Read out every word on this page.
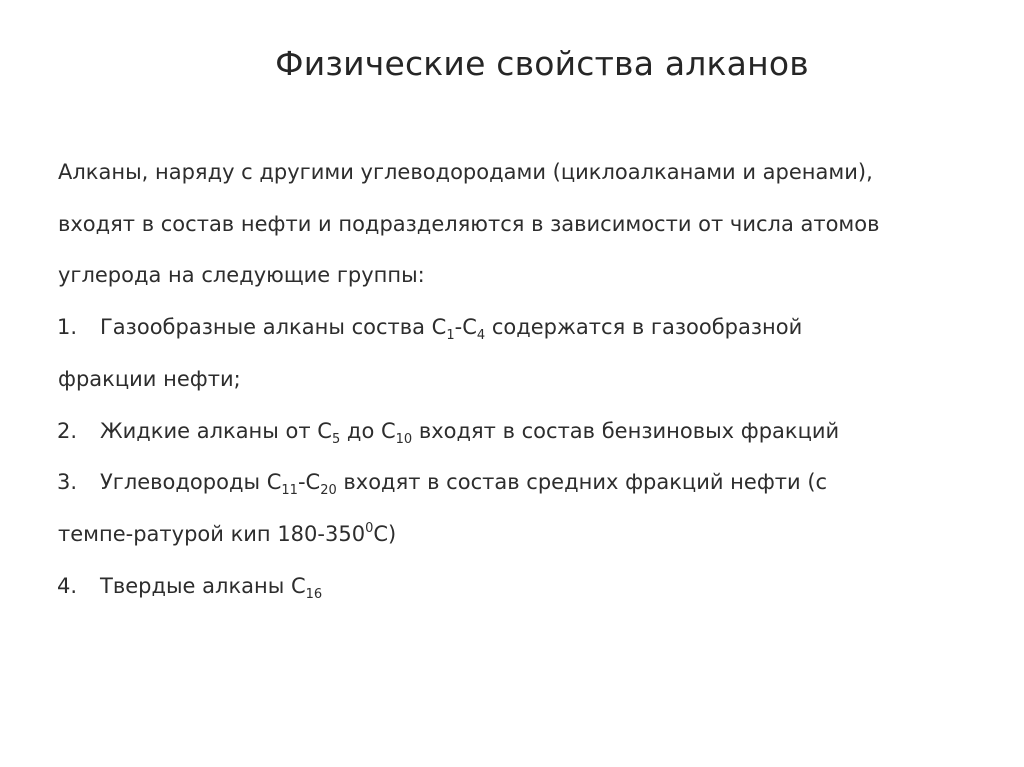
Физические свойства алканов
Алканы, наряду с другими углеводородами (циклоалканами и аренами),
входят в состав нефти и подразделяются в зависимости от числа атомов
углерода на следующие группы:
1. Газообразные алканы соства $С_1-С_4$ содержатся в газообразной
фракции нефти;
2. Жидкие алканы от $С_5$ до $С_{10}$ входят в состав бензиновых фракций
3. Углеводороды $С_{11}-С_{20}$ входят в состав средних фракций нефти (с
темпе-ратурой кип $180-350^0С$)
4. Твердые алканы $С_{16}$
